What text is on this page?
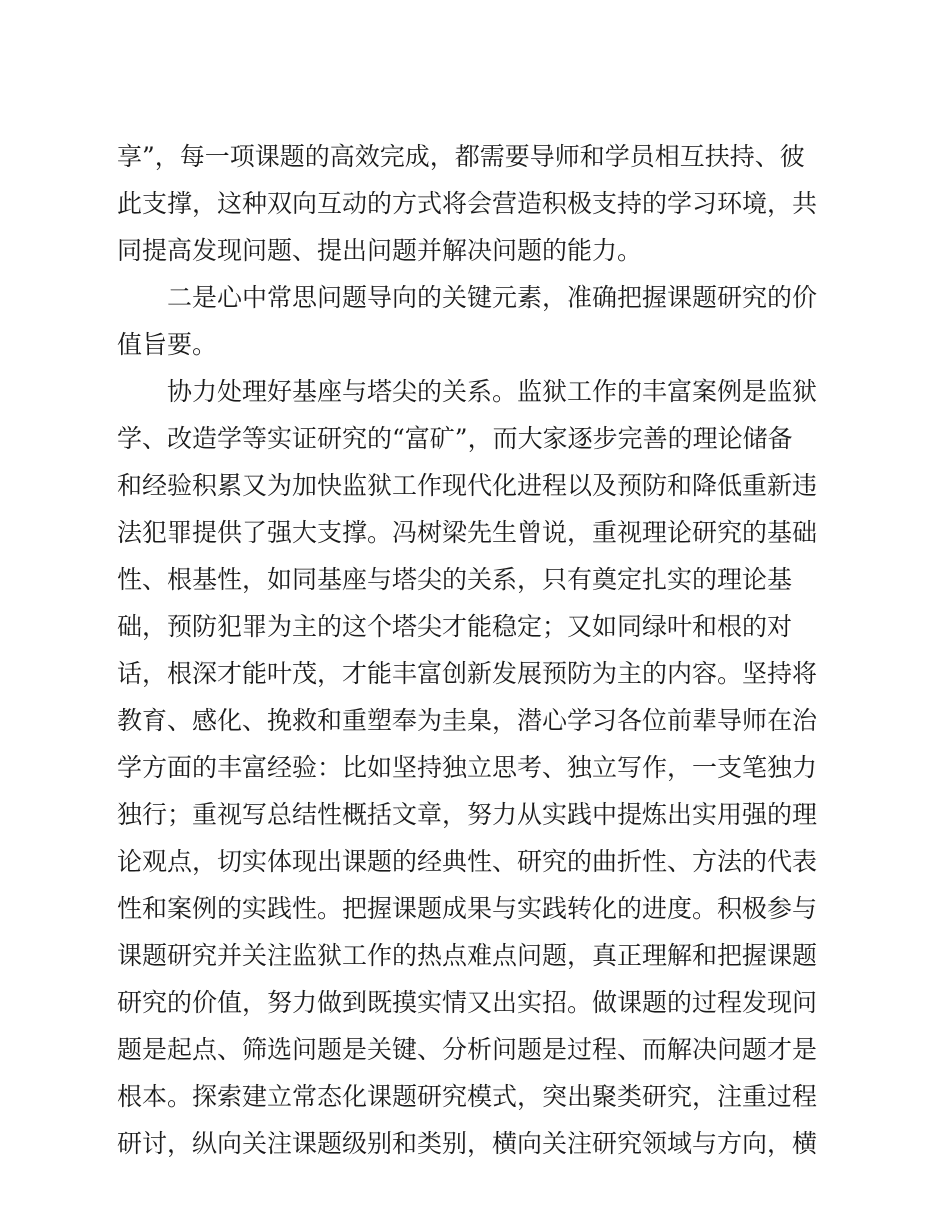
享”，每一项课题的高效完成，都需要导师和学员相互扶持、彼
此支撑，这种双向互动的方式将会营造积极支持的学习环境，共
同提高发现问题、提出问题并解决问题的能力。
二是心中常思问题导向的关键元素，准确把握课题研究的价
值旨要。
协力处理好基座与塔尖的关系。监狱工作的丰富案例是监狱
学、改造学等实证研究的“富矿”，而大家逐步完善的理论储备
和经验积累又为加快监狱工作现代化进程以及预防和降低重新违
法犯罪提供了强大支撑。冯树梁先生曾说，重视理论研究的基础
性、根基性，如同基座与塔尖的关系，只有奠定扎实的理论基
础，预防犯罪为主的这个塔尖才能稳定；又如同绿叶和根的对
话，根深才能叶茂，才能丰富创新发展预防为主的内容。坚持将
教育、感化、挽救和重塑奉为圭臬，潜心学习各位前辈导师在治
学方面的丰富经验：比如坚持独立思考、独立写作，一支笔独力
独行；重视写总结性概括文章，努力从实践中提炼出实用强的理
论观点，切实体现出课题的经典性、研究的曲折性、方法的代表
性和案例的实践性。把握课题成果与实践转化的进度。积极参与
课题研究并关注监狱工作的热点难点问题，真正理解和把握课题
研究的价值，努力做到既摸实情又出实招。做课题的过程发现问
题是起点、筛选问题是关键、分析问题是过程、而解决问题才是
根本。探索建立常态化课题研究模式，突出聚类研究，注重过程
研讨，纵向关注课题级别和类别，横向关注研究领域与方向，横
